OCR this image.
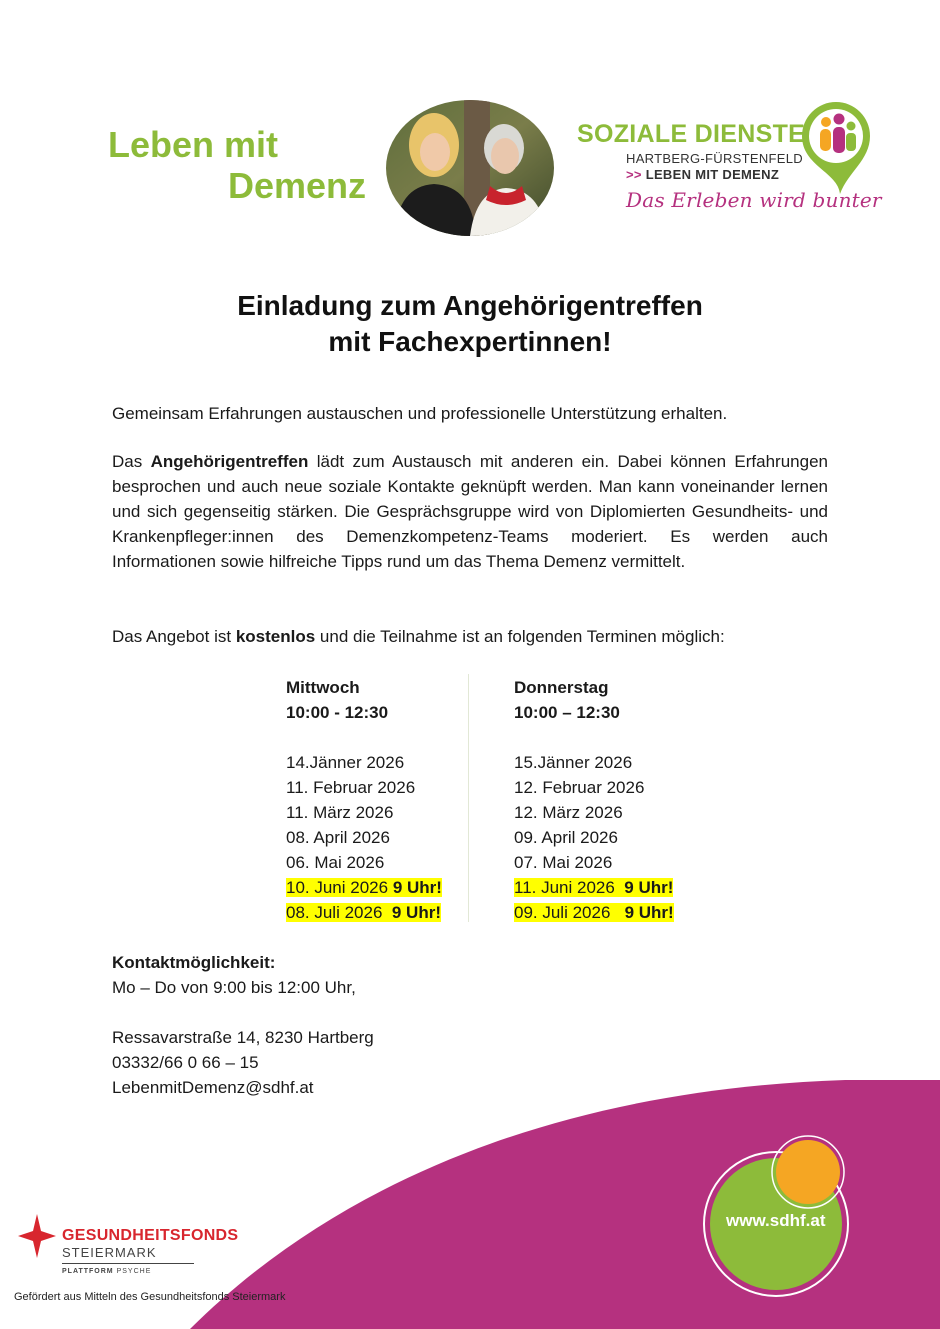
Leben mit
Demenz
SOZIALE DIENSTE
HARTBERG-FÜRSTENFELD
>> LEBEN MIT DEMENZ
Das Erleben wird bunter
Einladung zum Angehörigentreffen
mit Fachexpertinnen!
Gemeinsam Erfahrungen austauschen und professionelle Unterstützung erhalten.
Das Angehörigentreffen lädt zum Austausch mit anderen ein. Dabei können Erfahrungen besprochen und auch neue soziale Kontakte geknüpft werden. Man kann voneinander lernen und sich gegenseitig stärken. Die Gesprächsgruppe wird von Diplomierten Gesundheits- und Krankenpfleger:innen des Demenzkompetenz-Teams moderiert. Es werden auch Informationen sowie hilfreiche Tipps rund um das Thema Demenz vermittelt.
Das Angebot ist kostenlos und die Teilnahme ist an folgenden Terminen möglich:
Mittwoch
10:00 - 12:30
14.Jänner 2026
11. Februar 2026
11. März 2026
08. April 2026
06. Mai 2026
10. Juni 2026 9 Uhr!
08. Juli 2026 9 Uhr!
Donnerstag
10:00 – 12:30
15.Jänner 2026
12. Februar 2026
12. März 2026
09. April 2026
07. Mai 2026
11. Juni 2026 9 Uhr!
09. Juli 2026 9 Uhr!
Kontaktmöglichkeit:
Mo – Do von 9:00 bis 12:00 Uhr,
Ressavarstraße 14, 8230 Hartberg
03332/66 0 66 – 15
LebenmitDemenz@sdhf.at
www.sdhf.at
GESUNDHEITSFONDS
STEIERMARK
PLATTFORM PSYCHE
Gefördert aus Mitteln des Gesundheitsfonds Steiermark
